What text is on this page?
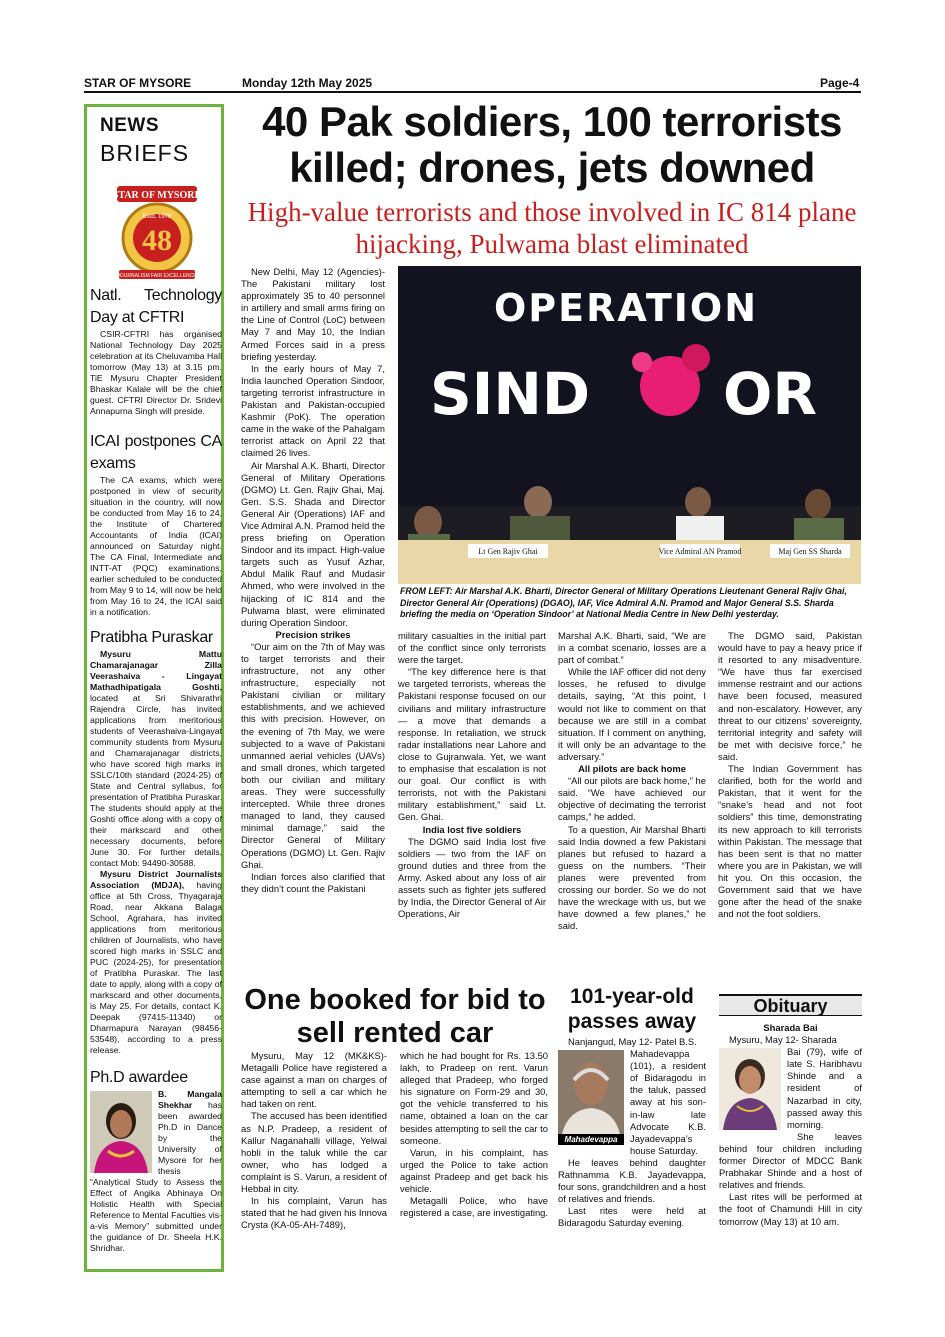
STAR OF MYSORE	Monday 12th May 2025	Page-4
NEWS
BRIEFS
STAR OF MYSORE
Estd. 1978
48
JOURNALISM FAIR EXCELLENCE
Natl. Technology Day at CFTRI

CSIR-CFTRI has organised National Technology Day 2025 celebration at its Cheluvamba Hall tomorrow (May 13) at 3.15 pm. TiE Mysuru Chapter President Bhaskar Kalale will be the chief guest. CFTRI Director Dr. Sridevi Annapurna Singh will preside.

ICAI postpones CA exams

The CA exams, which were postponed in view of security situation in the country, will now be conducted from May 16 to 24, the Institute of Chartered Accountants of India (ICAI) announced on Saturday night. The CA Final, Intermediate and INTT-AT (PQC) examinations, earlier scheduled to be conducted from May 9 to 14, will now be held from May 16 to 24, the ICAI said in a notification.

Pratibha Puraskar

Mysuru Mattu Chamarajanagar Zilla Veerashaiva - Lingayat Mathadhipatigala Goshti, located at Sri Shivarathri Rajendra Circle, has invited applications from meritorious students of Veerashaiva-Lingayat community students from Mysuru and Chamarajanagar districts, who have scored high marks in SSLC/10th standard (2024-25) of State and Central syllabus, for presentation of Pratibha Puraskar. The students should apply at the Goshti office along with a copy of their markscard and other necessary documents, before June 30. For further details, contact Mob: 94490-30588.

Mysuru District Journalists Association (MDJA), having office at 5th Cross, Thyagaraja Road, near Akkana Balaga School, Agrahara, has invited applications from meritorious children of Journalists, who have scored high marks in SSLC and PUC (2024-25), for presentation of Pratibha Puraskar. The last date to apply, along with a copy of markscard and other documents, is May 25. For details, contact K. Deepak (97415-11340) or Dharmapura Narayan (98456-53548), according to a press release.

Ph.D awardee

B. Mangala Shekhar has been awarded Ph.D in Dance by the University of Mysore for her thesis “Analytical Study to Assess the Effect of Angika Abhinaya On Holistic Health with Special Reference to Mental Faculties vis-a-vis Memory” submitted under the guidance of Dr. Sheela H.K. Shridhar.

40 Pak soldiers, 100 terrorists killed; drones, jets downed
High-value terrorists and those involved in IC 814 plane hijacking, Pulwama blast eliminated
OPERATION
SIND OR
Lt Gen Rajiv Ghai	Vice Admiral AN Pramod	Maj Gen SS Sharda
FROM LEFT: Air Marshal A.K. Bharti, Director General of Military Operations Lieutenant General Rajiv Ghai, Director General Air (Operations) (DGAO), IAF, Vice Admiral A.N. Pramod and Major General S.S. Sharda briefing the media on ‘Operation Sindoor’ at National Media Centre in New Delhi yesterday.

New Delhi, May 12 (Agencies)- The Pakistani military lost approximately 35 to 40 personnel in artillery and small arms firing on the Line of Control (LoC) between May 7 and May 10, the Indian Armed Forces said in a press briefing yesterday.

In the early hours of May 7, India launched Operation Sindoor, targeting terrorist infrastructure in Pakistan and Pakistan-occupied Kashmir (PoK). The operation came in the wake of the Pahalgam terrorist attack on April 22 that claimed 26 lives.

Air Marshal A.K. Bharti, Director General of Military Operations (DGMO) Lt. Gen. Rajiv Ghai, Maj. Gen. S.S. Shada and Director General Air (Operations) IAF and Vice Admiral A.N. Pramod held the press briefing on Operation Sindoor and its impact. High-value targets such as Yusuf Azhar, Abdul Malik Rauf and Mudasir Ahmed, who were involved in the hijacking of IC 814 and the Pulwama blast, were eliminated during Operation Sindoor.

Precision strikes

“Our aim on the 7th of May was to target terrorists and their infrastructure, not any other infrastructure, especially not Pakistani civilian or military establishments, and we achieved this with precision. However, on the evening of 7th May, we were subjected to a wave of Pakistani unmanned aerial vehicles (UAVs) and small drones, which targeted both our civilian and military areas. They were successfully intercepted. While three drones managed to land, they caused minimal damage,” said the Director General of Military Operations (DGMO) Lt. Gen. Rajiv Ghai.

Indian forces also clarified that they didn’t count the Pakistani

military casualties in the initial part of the conflict since only terrorists were the target.

“The key difference here is that we targeted terrorists, whereas the Pakistani response focused on our civilians and military infrastructure — a move that demands a response. In retaliation, we struck radar installations near Lahore and close to Gujranwala. Yet, we want to emphasise that escalation is not our goal. Our conflict is with terrorists, not with the Pakistani military establishment,” said Lt. Gen. Ghai.

India lost five soldiers

The DGMO said India lost five soldiers — two from the IAF on ground duties and three from the Army. Asked about any loss of air assets such as fighter jets suffered by India, the Director General of Air Operations, Air

Marshal A.K. Bharti, said, “We are in a combat scenario, losses are a part of combat.”

While the IAF officer did not deny losses, he refused to divulge details, saying, “At this point, I would not like to comment on that because we are still in a combat situation. If I comment on anything, it will only be an advantage to the adversary.”

All pilots are back home

“All our pilots are back home,” he said. “We have achieved our objective of decimating the terrorist camps,” he added.

To a question, Air Marshal Bharti said India downed a few Pakistani planes but refused to hazard a guess on the numbers. “Their planes were prevented from crossing our border. So we do not have the wreckage with us, but we have downed a few planes,” he said.

The DGMO said, Pakistan would have to pay a heavy price if it resorted to any misadventure. “We have thus far exercised immense restraint and our actions have been focused, measured and non-escalatory. However, any threat to our citizens’ sovereignty, territorial integrity and safety will be met with decisive force,” he said.

The Indian Government has clarified, both for the world and Pakistan, that it went for the “snake’s head and not foot soldiers” this time, demonstrating its new approach to kill terrorists within Pakistan. The message that has been sent is that no matter where you are in Pakistan, we will hit you. On this occasion, the Government said that we have gone after the head of the snake and not the foot soldiers.

One booked for bid to sell rented car

Mysuru, May 12 (MK&KS)- Metagalli Police have registered a case against a man on charges of attempting to sell a car which he had taken on rent.

The accused has been identified as N.P. Pradeep, a resident of Kallur Naganahalli village, Yelwal hobli in the taluk while the car owner, who has lodged a complaint is S. Varun, a resident of Hebbal in city.

In his complaint, Varun has stated that he had given his Innova Crysta (KA-05-AH-7489),

which he had bought for Rs. 13.50 lakh, to Pradeep on rent. Varun alleged that Pradeep, who forged his signature on Form-29 and 30, got the vehicle transferred to his name, obtained a loan on the car besides attempting to sell the car to someone.

Varun, in his complaint, has urged the Police to take action against Pradeep and get back his vehicle.

Metagalli Police, who have registered a case, are investigating.

101-year-old passes away

Nanjangud, May 12- Patel B.S.

Mahadevappa

Mahadevappa (101), a resident of Bidaragodu in the taluk, passed away at his son-in-law late Advocate K.B. Jayadevappa’s house Saturday.

He leaves behind daughter Rathnamma K.B. Jayadevappa, four sons, grandchildren and a host of relatives and friends.

Last rites were held at Bidaragodu Saturday evening.

Obituary

Sharada Bai

Mysuru, May 12- Sharada

Bai (79), wife of late S. Haribhavu Shinde and a resident of Nazarbad in city, passed away this morning.

She leaves behind four children including former Director of MDCC Bank Prabhakar Shinde and a host of relatives and friends.

Last rites will be performed at the foot of Chamundi Hill in city tomorrow (May 13) at 10 am.
